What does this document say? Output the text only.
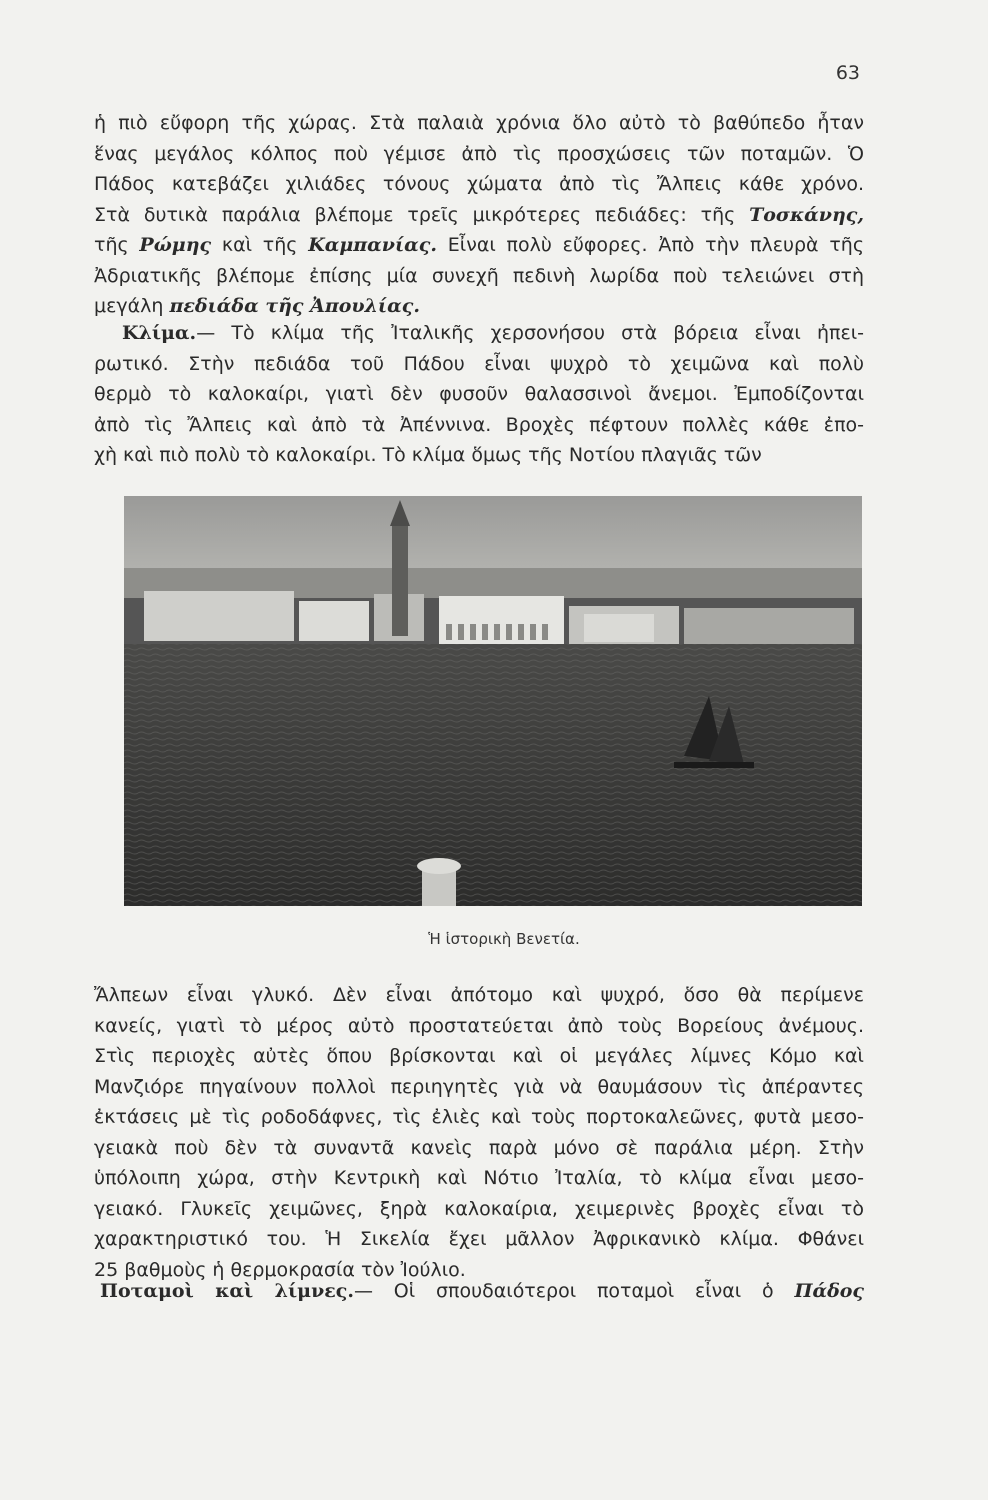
63
ἡ πιὸ εὔφορη τῆς χώρας. Στὰ παλαιὰ χρόνια ὅλο αὐτὸ τὸ βαθύπεδο ἦταν
ἕνας μεγάλος κόλπος ποὺ γέμισε ἀπὸ τὶς προσχώσεις τῶν ποταμῶν. Ὁ
Πάδος κατεβάζει χιλιάδες τόνους χώματα ἀπὸ τὶς Ἄλπεις κάθε χρόνο.
Στὰ δυτικὰ παράλια βλέπομε τρεῖς μικρότερες πεδιάδες: τῆς Τοσκάνης,
τῆς Ρώμης καὶ τῆς Καμπανίας. Εἶναι πολὺ εὔφορες. Ἀπὸ τὴν πλευρὰ τῆς
Ἀδριατικῆς βλέπομε ἐπίσης μία συνεχῆ πεδινὴ λωρίδα ποὺ τελειώνει στὴ
μεγάλη πεδιάδα τῆς Ἀπουλίας.
Κλίμα.— Τὸ κλίμα τῆς Ἰταλικῆς χερσονήσου στὰ βόρεια εἶναι ἠπει-
ρωτικό. Στὴν πεδιάδα τοῦ Πάδου εἶναι ψυχρὸ τὸ χειμῶνα καὶ πολὺ
θερμὸ τὸ καλοκαίρι, γιατὶ δὲν φυσοῦν θαλασσινοὶ ἄνεμοι. Ἐμποδίζονται
ἀπὸ τὶς Ἄλπεις καὶ ἀπὸ τὰ Ἀπέννινα. Βροχὲς πέφτουν πολλὲς κάθε ἐπο-
χὴ καὶ πιὸ πολὺ τὸ καλοκαίρι. Τὸ κλίμα ὅμως τῆς Νοτίου πλαγιᾶς τῶν
Ἡ ἱστορικὴ Βενετία.
Ἄλπεων εἶναι γλυκό. Δὲν εἶναι ἀπότομο καὶ ψυχρό, ὅσο θὰ περίμενε
κανείς, γιατὶ τὸ μέρος αὐτὸ προστατεύεται ἀπὸ τοὺς Βορείους ἀνέμους.
Στὶς περιοχὲς αὐτὲς ὅπου βρίσκονται καὶ οἱ μεγάλες λίμνες Κόμο καὶ
Μανζιόρε πηγαίνουν πολλοὶ περιηγητὲς γιὰ νὰ θαυμάσουν τὶς ἀπέραντες
ἐκτάσεις μὲ τὶς ροδοδάφνες, τὶς ἐλιὲς καὶ τοὺς πορτοκαλεῶνες, φυτὰ μεσο-
γειακὰ ποὺ δὲν τὰ συναντᾶ κανεὶς παρὰ μόνο σὲ παράλια μέρη. Στὴν
ὑπόλοιπη χώρα, στὴν Κεντρικὴ καὶ Νότιο Ἰταλία, τὸ κλίμα εἶναι μεσο-
γειακό. Γλυκεῖς χειμῶνες, ξηρὰ καλοκαίρια, χειμερινὲς βροχὲς εἶναι τὸ
χαρακτηριστικό του. Ἡ Σικελία ἔχει μᾶλλον Ἀφρικανικὸ κλίμα. Φθάνει
25 βαθμοὺς ἡ θερμοκρασία τὸν Ἰούλιο.
Ποταμοὶ καὶ λίμνες.— Οἱ σπουδαιότεροι ποταμοὶ εἶναι ὁ Πάδος
